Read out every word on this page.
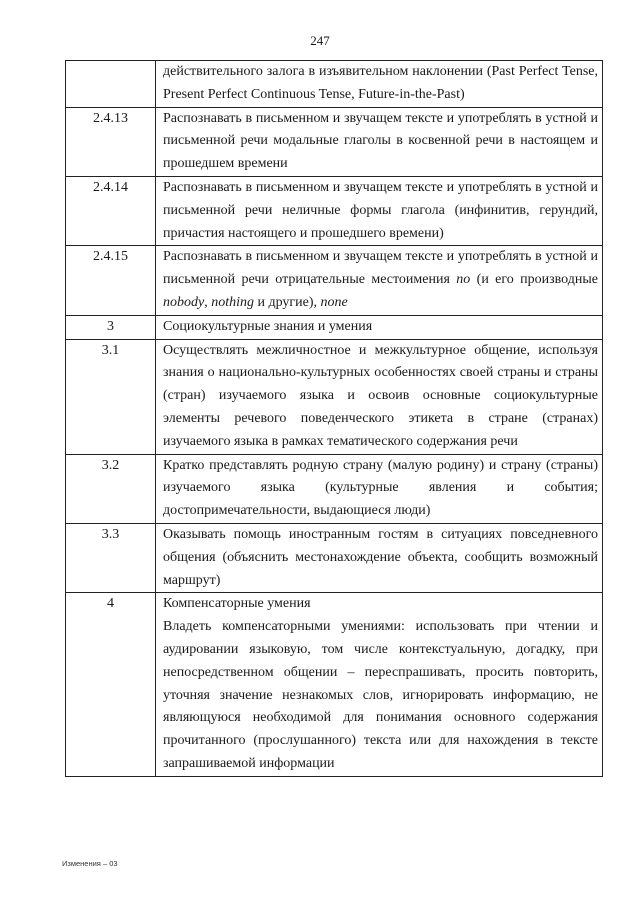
247
	действительного залога в изъявительном наклонении (Past Perfect Tense, Present Perfect Continuous Tense, Future-in-the-Past)
2.4.13	Распознавать в письменном и звучащем тексте и употреблять в устной и письменной речи модальные глаголы в косвенной речи в настоящем и прошедшем времени
2.4.14	Распознавать в письменном и звучащем тексте и употреблять в устной и письменной речи неличные формы глагола (инфинитив, герундий, причастия настоящего и прошедшего времени)
2.4.15	Распознавать в письменном и звучащем тексте и употреблять в устной и письменной речи отрицательные местоимения no (и его производные nobody, nothing и другие), none
3	Социокультурные знания и умения
3.1	Осуществлять межличностное и межкультурное общение, используя знания о национально-культурных особенностях своей страны и страны (стран) изучаемого языка и освоив основные социокультурные элементы речевого поведенческого этикета в стране (странах) изучаемого языка в рамках тематического содержания речи
3.2	Кратко представлять родную страну (малую родину) и страну (страны) изучаемого языка (культурные явления и события; достопримечательности, выдающиеся люди)
3.3	Оказывать помощь иностранным гостям в ситуациях повседневного общения (объяснить местонахождение объекта, сообщить возможный маршрут)
4	Компенсаторные умения
Владеть компенсаторными умениями: использовать при чтении и аудировании языковую, том числе контекстуальную, догадку, при непосредственном общении – переспрашивать, просить повторить, уточняя значение незнакомых слов, игнорировать информацию, не являющуюся необходимой для понимания основного содержания прочитанного (прослушанного) текста или для нахождения в тексте запрашиваемой информации
Изменения – 03
